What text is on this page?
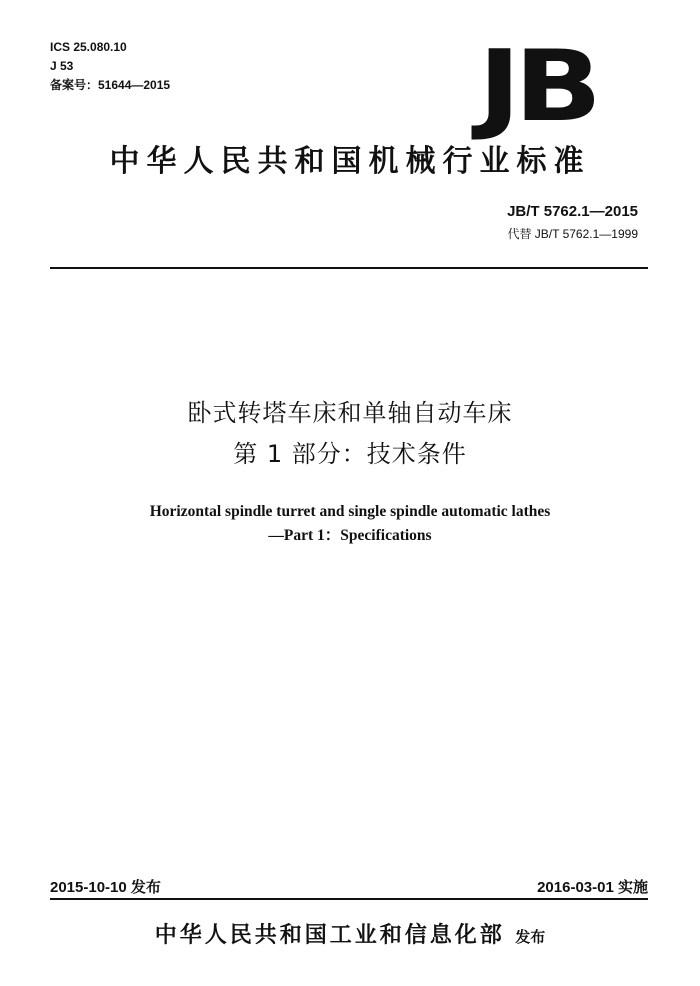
ICS 25.080.10
J 53
备案号：51644—2015	JB
中华人民共和国机械行业标准
JB/T 5762.1—2015
代替 JB/T 5762.1—1999
卧式转塔车床和单轴自动车床
第 1 部分：技术条件
Horizontal spindle turret and single spindle automatic lathes
—Part 1：Specifications
2015-10-10 发布	2016-03-01 实施
中华人民共和国工业和信息化部 发布
